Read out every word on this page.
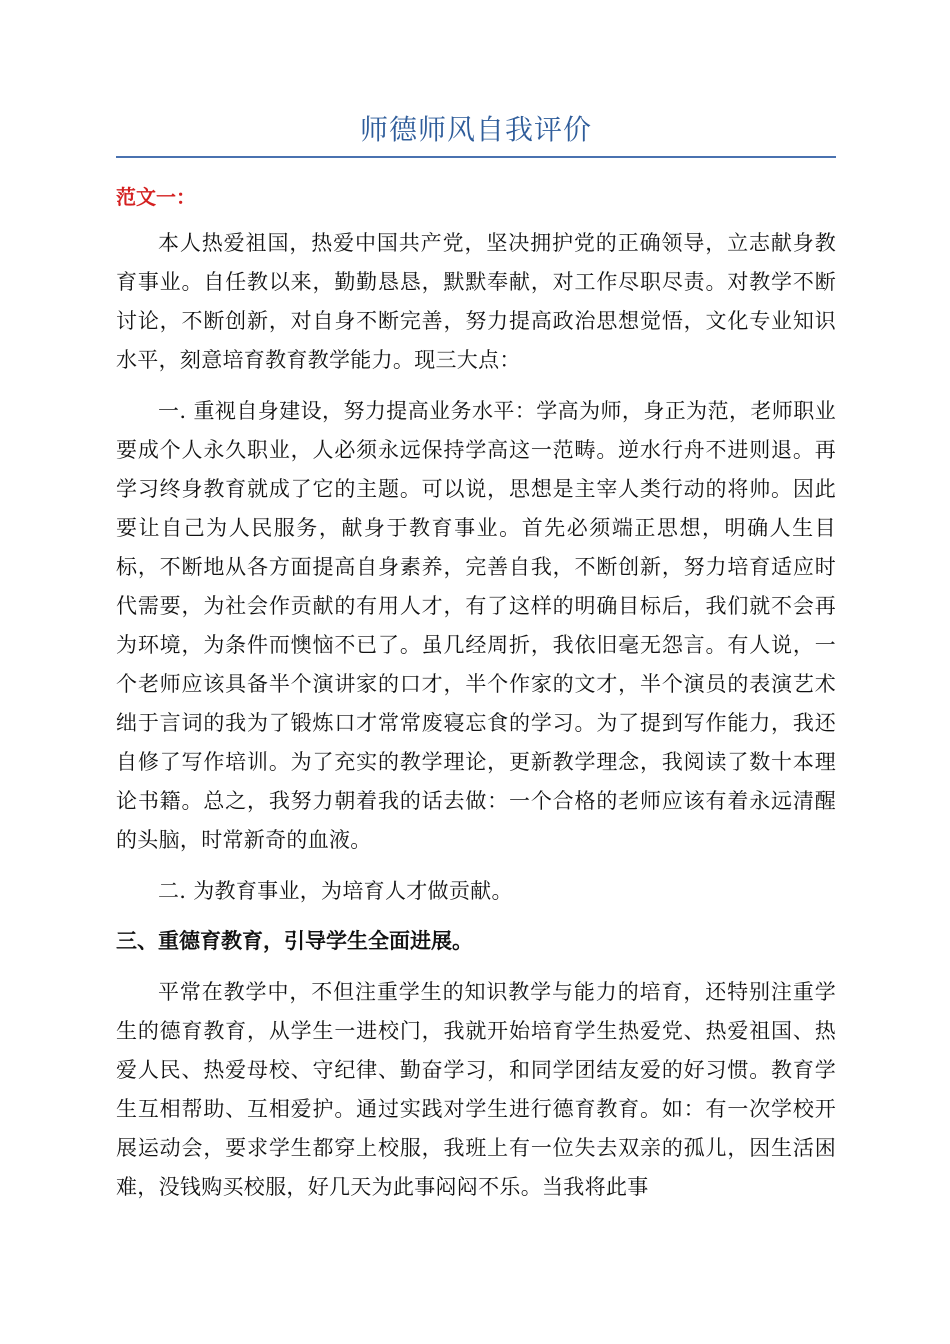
师德师风自我评价
范文一：

本人热爱祖国，热爱中国共产党，坚决拥护党的正确领导，立志献身教育事业。自任教以来，勤勤恳恳，默默奉献，对工作尽职尽责。对教学不断讨论，不断创新，对自身不断完善，努力提高政治思想觉悟，文化专业知识水平，刻意培育教育教学能力。现三大点：

一. 重视自身建设，努力提高业务水平：学高为师，身正为范，老师职业要成个人永久职业，人必须永远保持学高这一范畴。逆水行舟不进则退。再学习终身教育就成了它的主题。可以说，思想是主宰人类行动的将帅。因此要让自己为人民服务，献身于教育事业。首先必须端正思想，明确人生目标，不断地从各方面提高自身素养，完善自我，不断创新，努力培育适应时代需要，为社会作贡献的有用人才，有了这样的明确目标后，我们就不会再为环境，为条件而懊恼不已了。虽几经周折，我依旧毫无怨言。有人说，一个老师应该具备半个演讲家的口才，半个作家的文才，半个演员的表演艺术绌于言词的我为了锻炼口才常常废寝忘食的学习。为了提到写作能力，我还自修了写作培训。为了充实的教学理论，更新教学理念，我阅读了数十本理论书籍。总之，我努力朝着我的话去做：一个合格的老师应该有着永远清醒的头脑，时常新奇的血液。

二. 为教育事业，为培育人才做贡献。

三、重德育教育，引导学生全面进展。

平常在教学中，不但注重学生的知识教学与能力的培育，还特别注重学生的德育教育，从学生一进校门，我就开始培育学生热爱党、热爱祖国、热爱人民、热爱母校、守纪律、勤奋学习，和同学团结友爱的好习惯。教育学生互相帮助、互相爱护。通过实践对学生进行德育教育。如：有一次学校开展运动会，要求学生都穿上校服，我班上有一位失去双亲的孤儿，因生活困难，没钱购买校服，好几天为此事闷闷不乐。当我将此事
